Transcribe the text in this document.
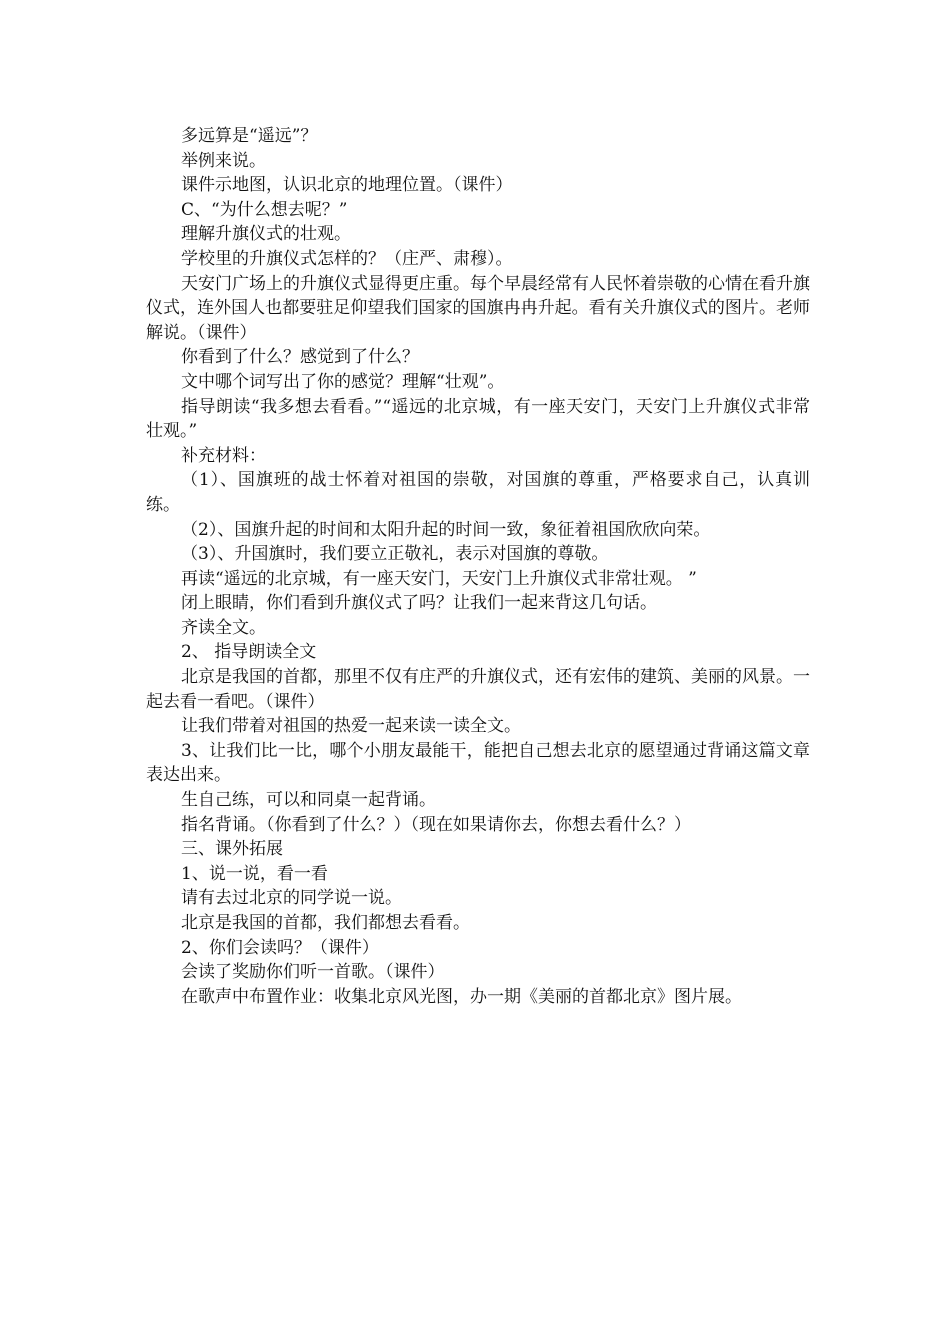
多远算是“遥远”？

举例来说。

课件示地图，认识北京的地理位置。（课件）

C、“为什么想去呢？”

理解升旗仪式的壮观。

学校里的升旗仪式怎样的？（庄严、肃穆）。

天安门广场上的升旗仪式显得更庄重。每个早晨经常有人民怀着崇敬的心情在看升旗仪式，连外国人也都要驻足仰望我们国家的国旗冉冉升起。看有关升旗仪式的图片。老师解说。（课件）

你看到了什么？感觉到了什么？

文中哪个词写出了你的感觉？理解“壮观”。

指导朗读“我多想去看看。”“遥远的北京城，有一座天安门，天安门上升旗仪式非常壮观。”

补充材料：

（1）、国旗班的战士怀着对祖国的崇敬，对国旗的尊重，严格要求自己，认真训练。

（2）、国旗升起的时间和太阳升起的时间一致，象征着祖国欣欣向荣。

（3）、升国旗时，我们要立正敬礼，表示对国旗的尊敬。

再读“遥远的北京城，有一座天安门，天安门上升旗仪式非常壮观。 ”

闭上眼睛，你们看到升旗仪式了吗？让我们一起来背这几句话。

齐读全文。

2、 指导朗读全文

北京是我国的首都，那里不仅有庄严的升旗仪式，还有宏伟的建筑、美丽的风景。一起去看一看吧。（课件）

让我们带着对祖国的热爱一起来读一读全文。

3、让我们比一比，哪个小朋友最能干，能把自己想去北京的愿望通过背诵这篇文章表达出来。

生自己练，可以和同桌一起背诵。

指名背诵。（你看到了什么？）（现在如果请你去，你想去看什么？）

三、课外拓展

1、说一说，看一看

请有去过北京的同学说一说。

北京是我国的首都，我们都想去看看。

2、你们会读吗？（课件）

会读了奖励你们听一首歌。（课件）

在歌声中布置作业：收集北京风光图，办一期《美丽的首都北京》图片展。
